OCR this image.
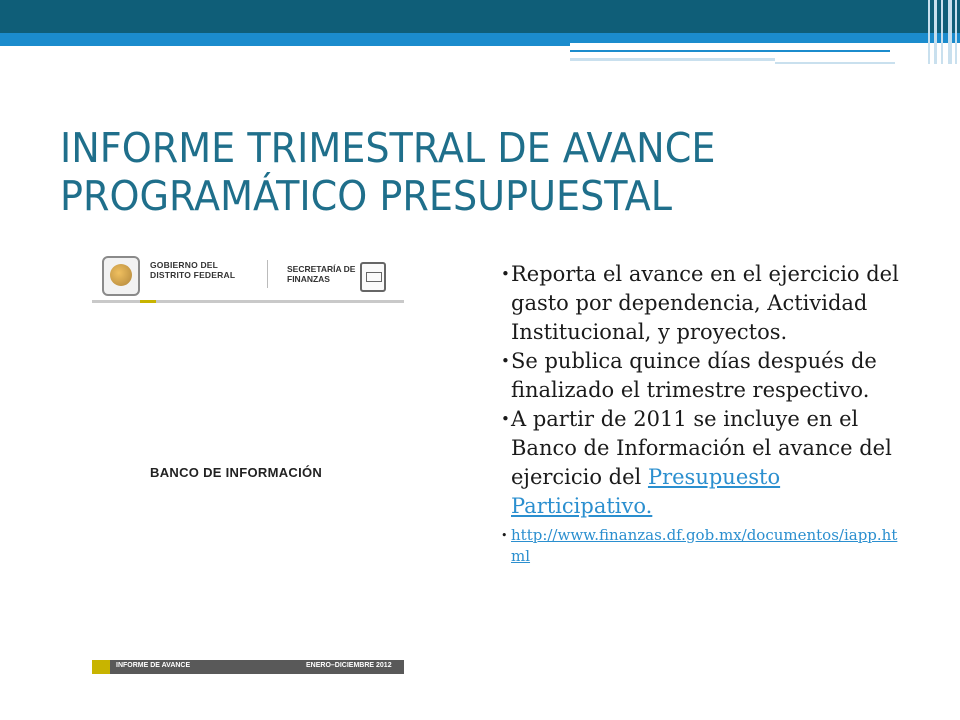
INFORME TRIMESTRAL DE AVANCE PROGRAMÁTICO PRESUPUESTAL
GOBIERNO DEL
DISTRITO FEDERAL
SECRETARÍA DE
FINANZAS
BANCO DE INFORMACIÓN
INFORME DE AVANCE	ENERO–DICIEMBRE 2012
• Reporta el avance en el ejercicio del gasto por dependencia, Actividad Institucional, y proyectos.
• Se publica quince días después de finalizado el trimestre respectivo.
• A partir de 2011 se incluye en el Banco de Información el avance del ejercicio del Presupuesto Participativo.
• http://www.finanzas.df.gob.mx/documentos/iapp.html
